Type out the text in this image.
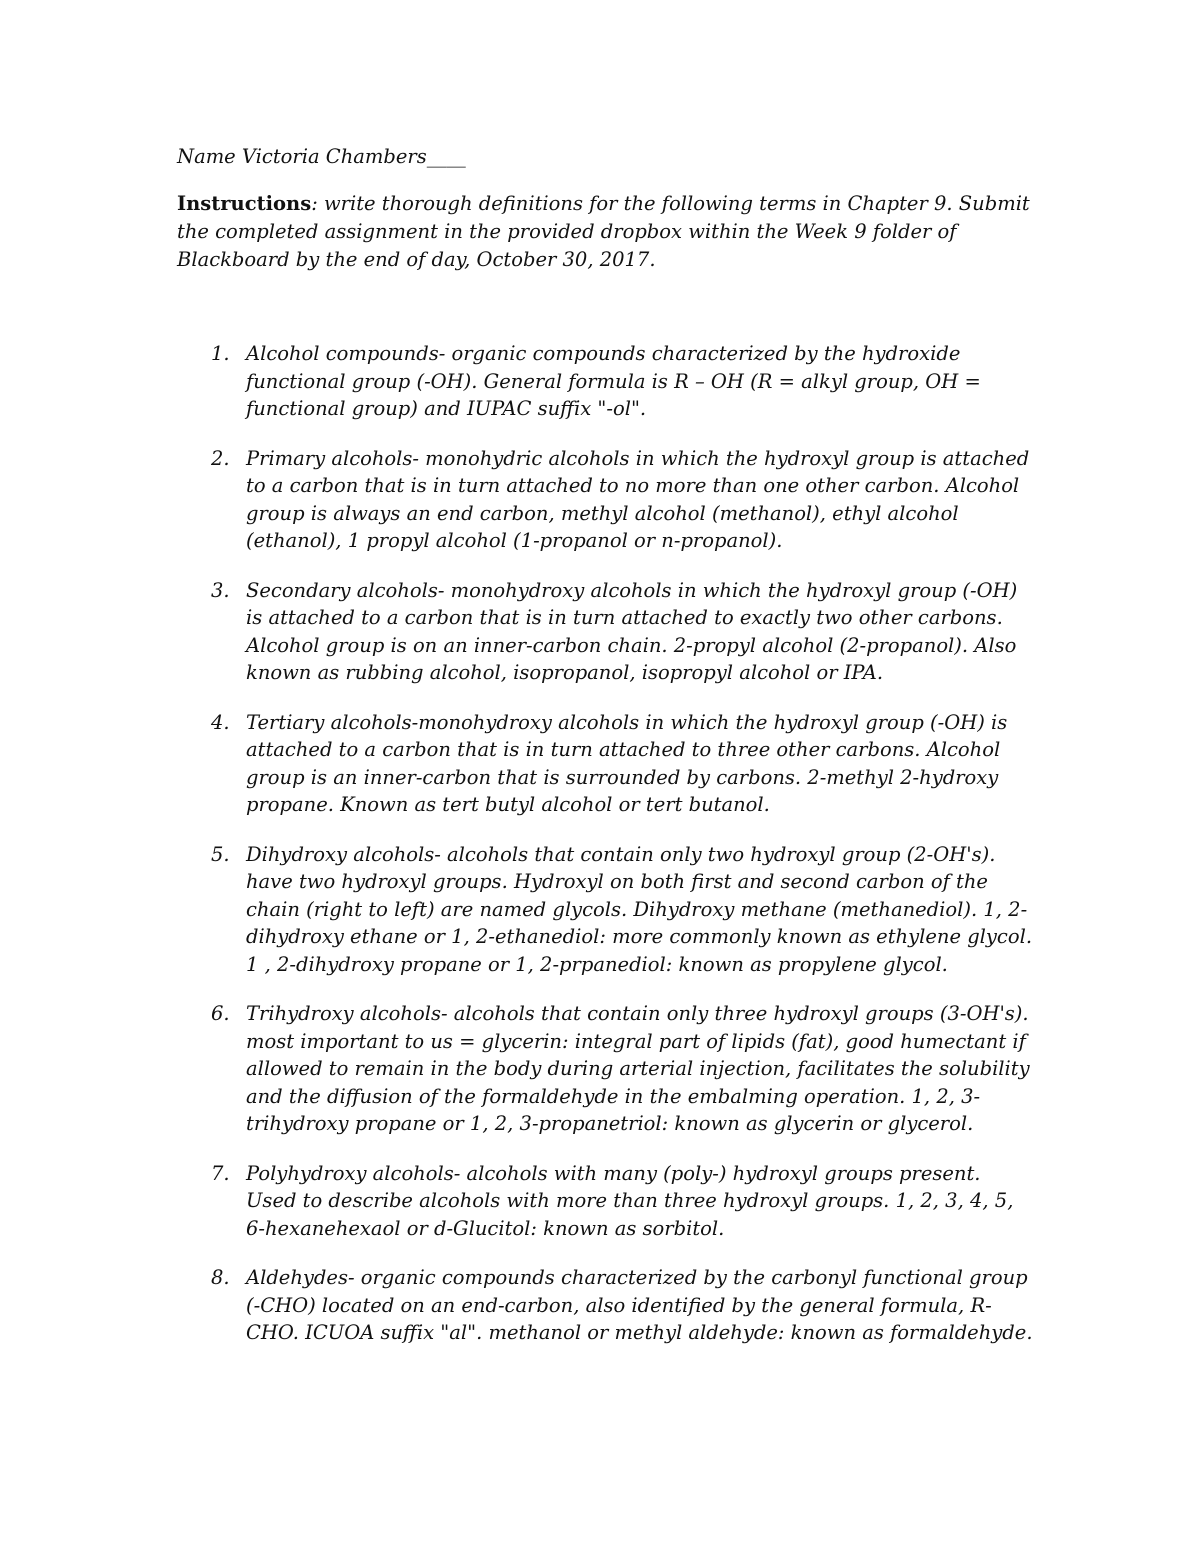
Name Victoria Chambers____
Instructions: write thorough definitions for the following terms in Chapter 9. Submit the completed assignment in the provided dropbox within the Week 9 folder of Blackboard by the end of day, October 30, 2017.
1. Alcohol compounds- organic compounds characterized by the hydroxide functional group (-OH). General formula is R – OH (R = alkyl group, OH = functional group) and IUPAC suffix "-ol".
2. Primary alcohols- monohydric alcohols in which the hydroxyl group is attached to a carbon that is in turn attached to no more than one other carbon. Alcohol group is always an end carbon, methyl alcohol (methanol), ethyl alcohol (ethanol), 1 propyl alcohol (1-propanol or n-propanol).
3. Secondary alcohols- monohydroxy alcohols in which the hydroxyl group (-OH) is attached to a carbon that is in turn attached to exactly two other carbons. Alcohol group is on an inner-carbon chain. 2-propyl alcohol (2-propanol). Also known as rubbing alcohol, isopropanol, isopropyl alcohol or IPA.
4. Tertiary alcohols-monohydroxy alcohols in which the hydroxyl group (-OH) is attached to a carbon that is in turn attached to three other carbons. Alcohol group is an inner-carbon that is surrounded by carbons. 2-methyl 2-hydroxy propane. Known as tert butyl alcohol or tert butanol.
5. Dihydroxy alcohols- alcohols that contain only two hydroxyl group (2-OH's). have two hydroxyl groups. Hydroxyl on both first and second carbon of the chain (right to left) are named glycols. Dihydroxy methane (methanediol). 1, 2-dihydroxy ethane or 1, 2-ethanediol: more commonly known as ethylene glycol. 1 , 2-dihydroxy propane or 1, 2-prpanediol: known as propylene glycol.
6. Trihydroxy alcohols- alcohols that contain only three hydroxyl groups (3-OH's). most important to us = glycerin: integral part of lipids (fat), good humectant if allowed to remain in the body during arterial injection, facilitates the solubility and the diffusion of the formaldehyde in the embalming operation. 1, 2, 3-trihydroxy propane or 1, 2, 3-propanetriol: known as glycerin or glycerol.
7. Polyhydroxy alcohols- alcohols with many (poly-) hydroxyl groups present. Used to describe alcohols with more than three hydroxyl groups. 1, 2, 3, 4, 5, 6-hexanehexaol or d-Glucitol: known as sorbitol.
8. Aldehydes- organic compounds characterized by the carbonyl functional group (-CHO) located on an end-carbon, also identified by the general formula, R-CHO. ICUOA suffix "al". methanol or methyl aldehyde: known as formaldehyde.
